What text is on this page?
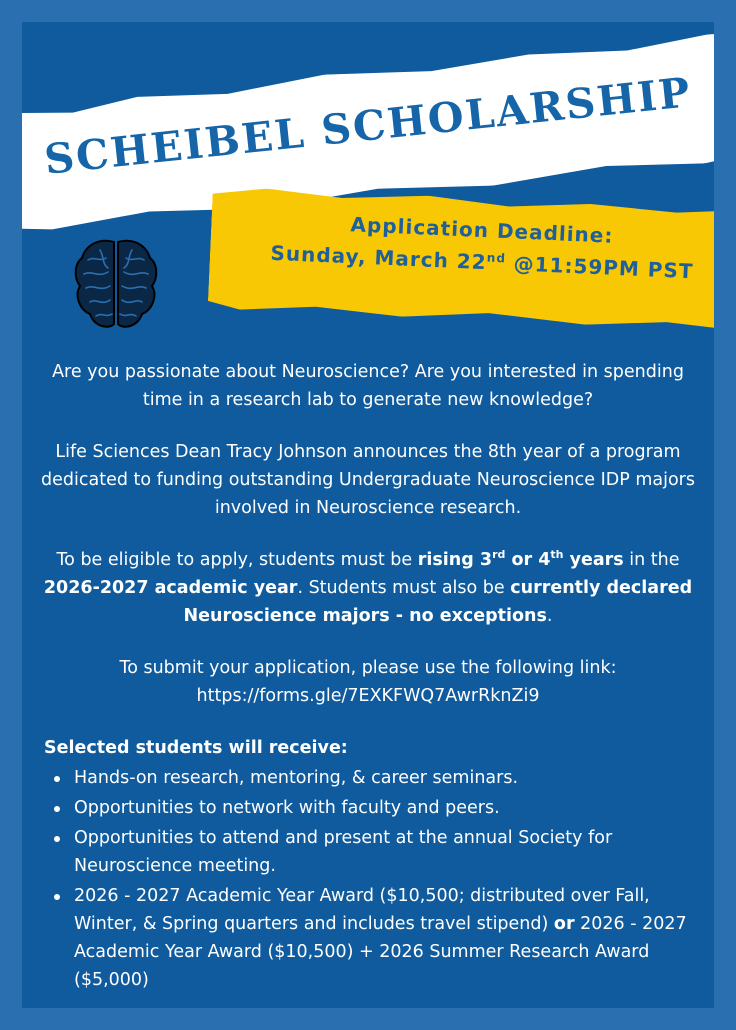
SCHEIBEL SCHOLARSHIP
Application Deadline:
Sunday, March 22nd @11:59PM PST

Are you passionate about Neuroscience? Are you interested in spending time in a research lab to generate new knowledge?

Life Sciences Dean Tracy Johnson announces the 8th year of a program dedicated to funding outstanding Undergraduate Neuroscience IDP majors involved in Neuroscience research.

To be eligible to apply, students must be rising 3rd or 4th years in the 2026-2027 academic year. Students must also be currently declared Neuroscience majors - no exceptions.

To submit your application, please use the following link:
https://forms.gle/7EXKFWQ7AwrRknZi9

Selected students will receive:
Hands-on research, mentoring, & career seminars.
Opportunities to network with faculty and peers.
Opportunities to attend and present at the annual Society for Neuroscience meeting.
2026 - 2027 Academic Year Award ($10,500; distributed over Fall, Winter, & Spring quarters and includes travel stipend) or 2026 - 2027 Academic Year Award ($10,500) + 2026 Summer Research Award ($5,000)
